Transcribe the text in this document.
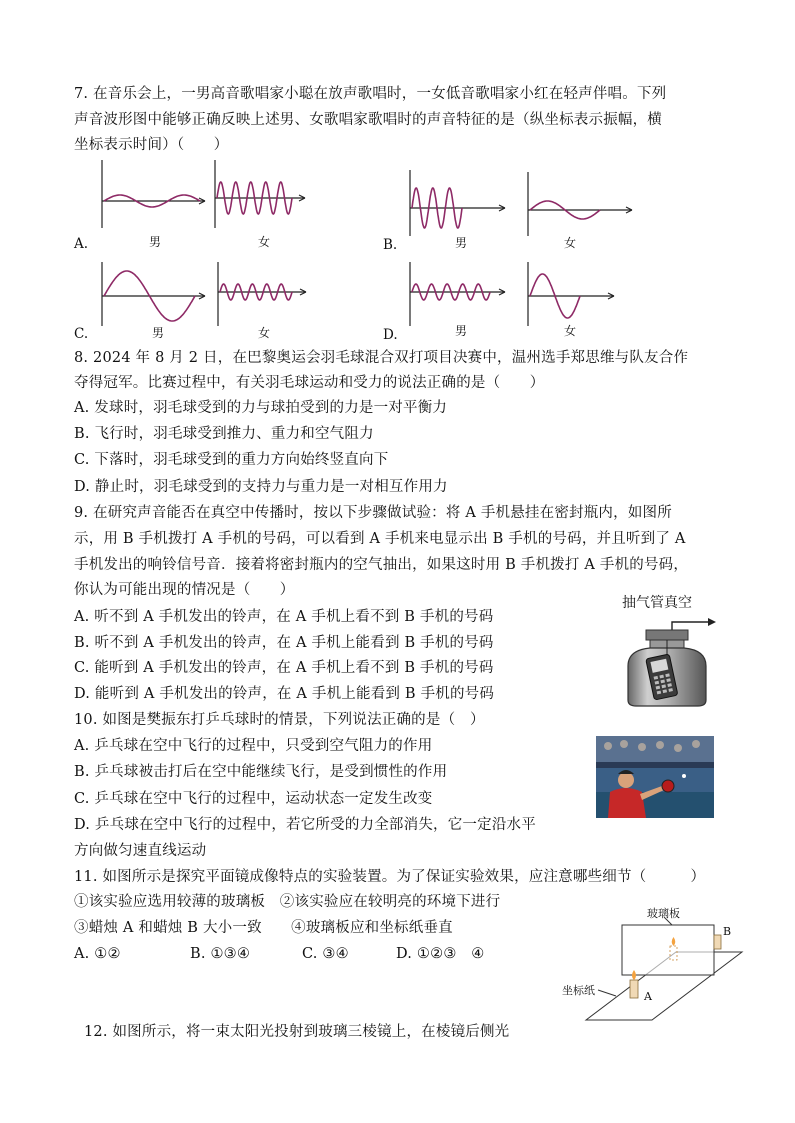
7. 在音乐会上，一男高音歌唱家小聪在放声歌唱时，一女低音歌唱家小红在轻声伴唱。下列
声音波形图中能够正确反映上述男、女歌唱家歌唱时的声音特征的是（纵坐标表示振幅，横
坐标表示时间）（　　）
A.	男	女	B.	男	女
C.	男	女	D.	男	女
8. 2024 年 8 月 2 日，在巴黎奥运会羽毛球混合双打项目决赛中，温州选手郑思维与队友合作
夺得冠军。比赛过程中，有关羽毛球运动和受力的说法正确的是（　　）
A. 发球时，羽毛球受到的力与球拍受到的力是一对平衡力
B. 飞行时，羽毛球受到推力、重力和空气阻力
C. 下落时，羽毛球受到的重力方向始终竖直向下
D. 静止时，羽毛球受到的支持力与重力是一对相互作用力
9. 在研究声音能否在真空中传播时，按以下步骤做试验：将 A 手机悬挂在密封瓶内，如图所
示，用 B 手机拨打 A 手机的号码，可以看到 A 手机来电显示出 B 手机的号码，并且听到了 A
手机发出的响铃信号音．接着将密封瓶内的空气抽出，如果这时用 B 手机拨打 A 手机的号码，
你认为可能出现的情况是（　　）
A. 听不到 A 手机发出的铃声，在 A 手机上看不到 B 手机的号码
B. 听不到 A 手机发出的铃声，在 A 手机上能看到 B 手机的号码
C. 能听到 A 手机发出的铃声，在 A 手机上看不到 B 手机的号码
D. 能听到 A 手机发出的铃声，在 A 手机上能看到 B 手机的号码
抽气管真空
10. 如图是樊振东打乒乓球时的情景，下列说法正确的是（　）
A. 乒乓球在空中飞行的过程中，只受到空气阻力的作用
B. 乒乓球被击打后在空中能继续飞行，是受到惯性的作用
C. 乒乓球在空中飞行的过程中，运动状态一定发生改变
D. 乒乓球在空中飞行的过程中，若它所受的力全部消失，它一定沿水平
方向做匀速直线运动
11. 如图所示是探究平面镜成像特点的实验装置。为了保证实验效果，应注意哪些细节（　　　）
①该实验应选用较薄的玻璃板　②该实验应在较明亮的环境下进行
③蜡烛 A 和蜡烛 B 大小一致　　④玻璃板应和坐标纸垂直
A. ①②	B. ①③④	C. ③④	D. ①②③　④
玻璃板
坐标纸	A
B
12. 如图所示，将一束太阳光投射到玻璃三棱镜上，在棱镜后侧光
